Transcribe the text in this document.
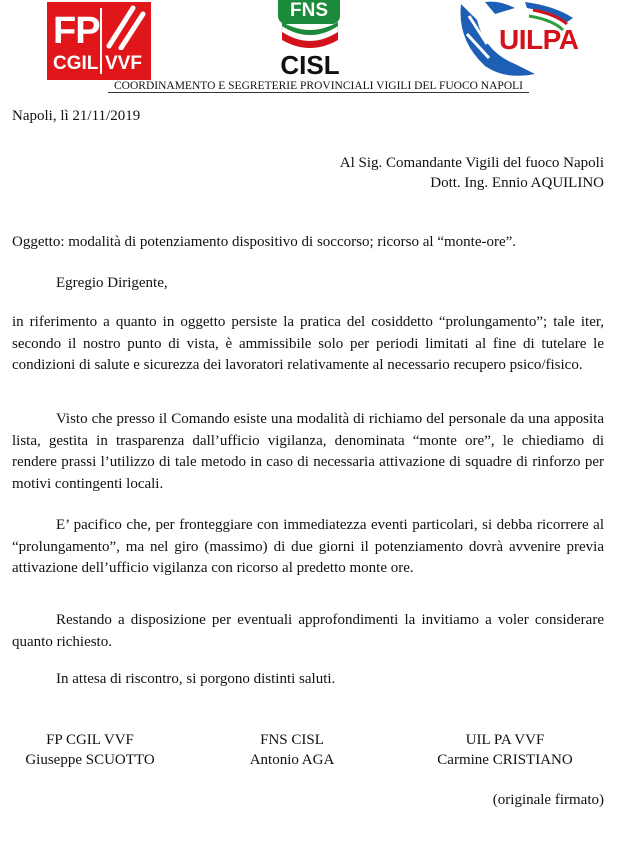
FP
CGIL VVF
FNS
CISL
UILPA
COORDINAMENTO E SEGRETERIE PROVINCIALI VIGILI DEL FUOCO NAPOLI
Napoli, lì 21/11/2019
Al Sig. Comandante Vigili del fuoco Napoli
Dott. Ing. Ennio AQUILINO
Oggetto: modalità di potenziamento dispositivo di soccorso; ricorso al “monte-ore”.
Egregio Dirigente,
in riferimento a quanto in oggetto persiste la pratica del cosiddetto “prolungamento”; tale iter, secondo il nostro punto di vista, è ammissibile solo per periodi limitati al fine di tutelare le condizioni di salute e sicurezza dei lavoratori relativamente al necessario recupero psico/fisico.
Visto che presso il Comando esiste una modalità di richiamo del personale da una apposita lista, gestita in trasparenza dall’ufficio vigilanza, denominata “monte ore”, le chiediamo di rendere prassi l’utilizzo di tale metodo in caso di necessaria attivazione di squadre di rinforzo per motivi contingenti locali.
E’ pacifico che, per fronteggiare con immediatezza eventi particolari, si debba ricorrere al “prolungamento”, ma nel giro (massimo) di due giorni il potenziamento dovrà avvenire previa attivazione dell’ufficio vigilanza con ricorso al predetto monte ore.
Restando a disposizione per eventuali approfondimenti la invitiamo a voler considerare quanto richiesto.
In attesa di riscontro, si porgono distinti saluti.
FP CGIL VVF
Giuseppe SCUOTTO
FNS CISL
Antonio AGA
UIL PA VVF
Carmine CRISTIANO
(originale firmato)
